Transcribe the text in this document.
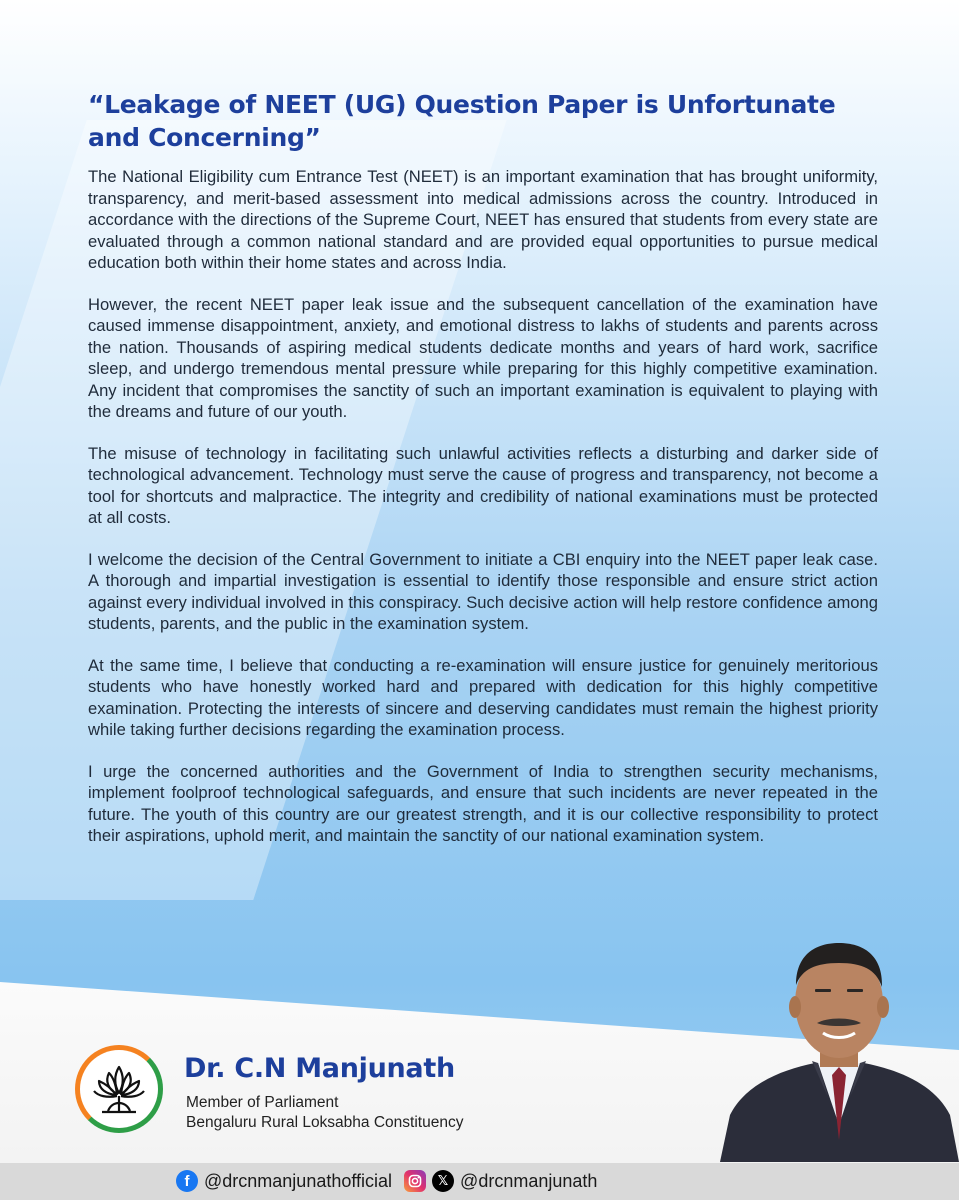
“Leakage of NEET (UG) Question Paper is Unfortunate and Concerning”

The National Eligibility cum Entrance Test (NEET) is an important examination that has brought uniformity, transparency, and merit-based assessment into medical admissions across the country. Introduced in accordance with the directions of the Supreme Court, NEET has ensured that students from every state are evaluated through a common national standard and are provided equal opportunities to pursue medical education both within their home states and across India.

However, the recent NEET paper leak issue and the subsequent cancellation of the examination have caused immense disappointment, anxiety, and emotional distress to lakhs of students and parents across the nation. Thousands of aspiring medical students dedicate months and years of hard work, sacrifice sleep, and undergo tremendous mental pressure while preparing for this highly competitive examination. Any incident that compromises the sanctity of such an important examination is equivalent to playing with the dreams and future of our youth.

The misuse of technology in facilitating such unlawful activities reflects a disturbing and darker side of technological advancement. Technology must serve the cause of progress and transparency, not become a tool for shortcuts and malpractice. The integrity and credibility of national examinations must be protected at all costs.

I welcome the decision of the Central Government to initiate a CBI enquiry into the NEET paper leak case. A thorough and impartial investigation is essential to identify those responsible and ensure strict action against every individual involved in this conspiracy. Such decisive action will help restore confidence among students, parents, and the public in the examination system.

At the same time, I believe that conducting a re-examination will ensure justice for genuinely meritorious students who have honestly worked hard and prepared with dedication for this highly competitive examination. Protecting the interests of sincere and deserving candidates must remain the highest priority while taking further decisions regarding the examination process.

I urge the concerned authorities and the Government of India to strengthen security mechanisms, implement foolproof technological safeguards, and ensure that such incidents are never repeated in the future. The youth of this country are our greatest strength, and it is our collective responsibility to protect their aspirations, uphold merit, and maintain the sanctity of our national examination system.

Dr. C.N Manjunath
Member of Parliament
Bengaluru Rural Loksabha Constituency
f @drcnmanjunathofficial	𝕏 @drcnmanjunath
